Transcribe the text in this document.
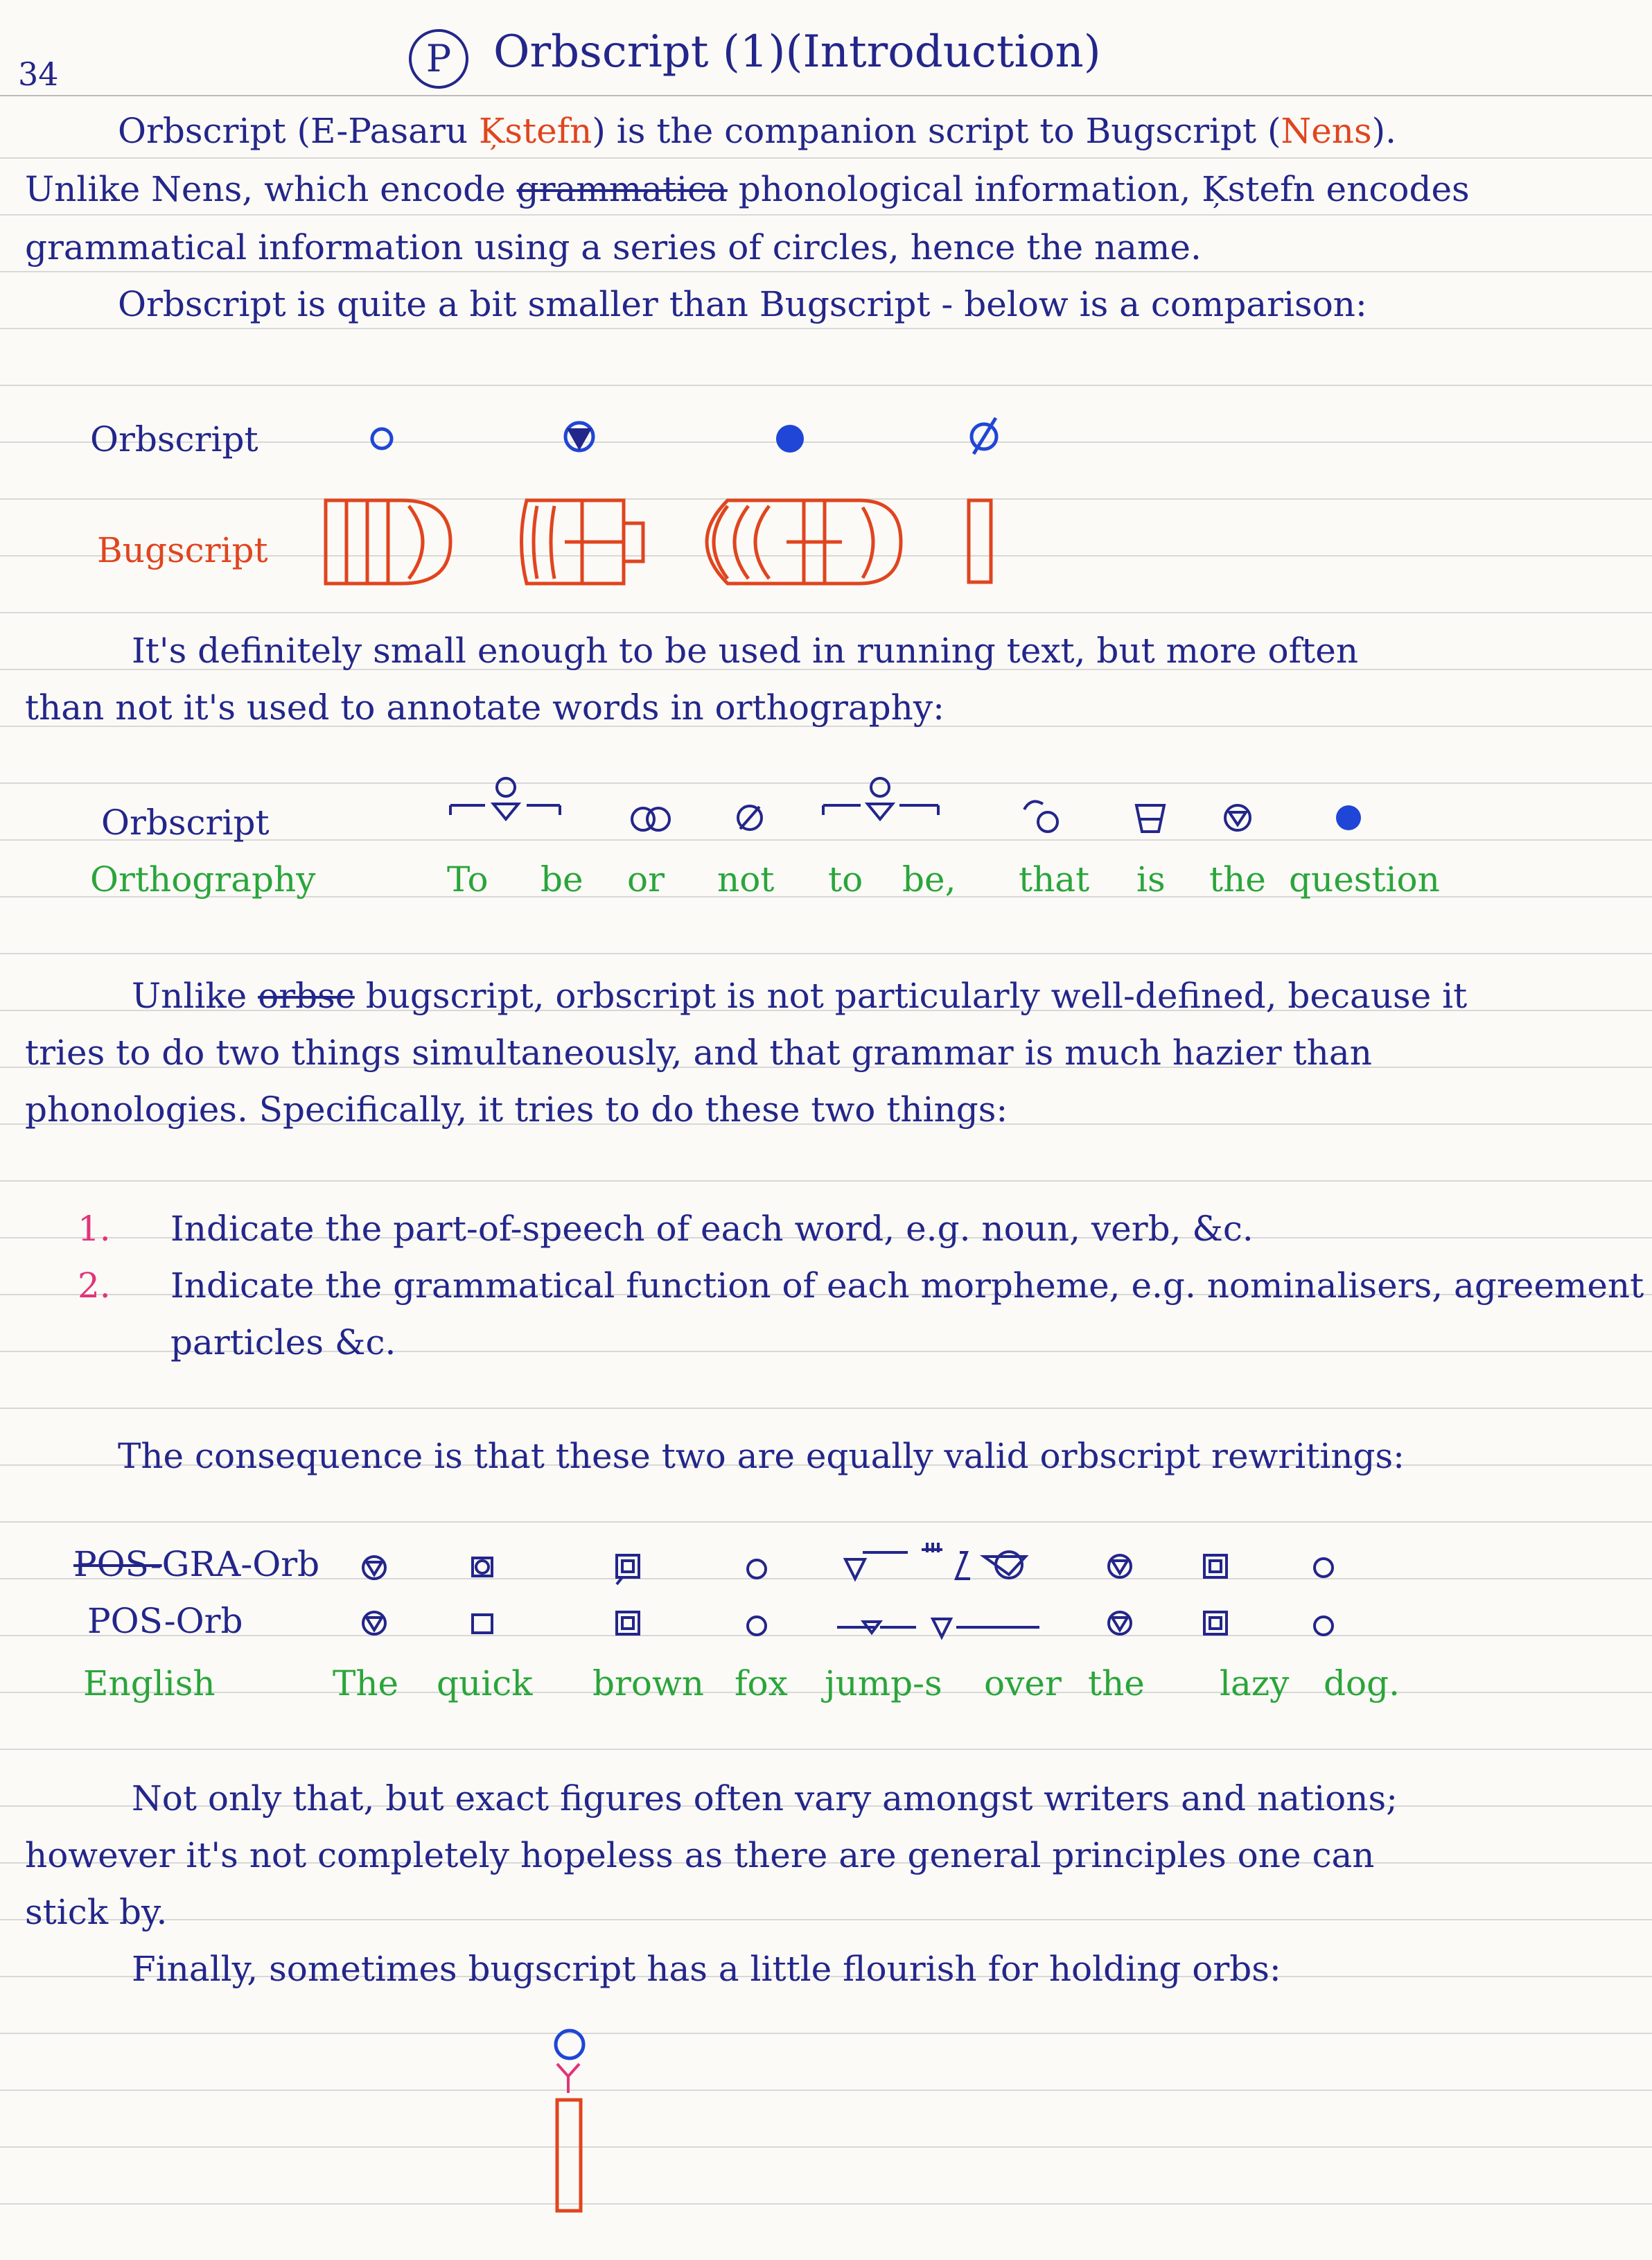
34	P Orbscript (1)(Introduction)
Orbscript (E-Pasaru Ķstefn) is the companion script to Bugscript (Nens).
Unlike Nens, which encode grammatica phonological information, Ķstefn encodes
grammatical information using a series of circles, hence the name.
Orbscript is quite a bit smaller than Bugscript - below is a comparison:
Orbscript
Bugscript
It's definitely small enough to be used in running text, but more often
than not it's used to annotate words in orthography:
Orbscript
Orthography	To be or not to be, that is the question
Unlike orbsc bugscript, orbscript is not particularly well-defined, because it
tries to do two things simultaneously, and that grammar is much hazier than
phonologies. Specifically, it tries to do these two things:
1. Indicate the part-of-speech of each word, e.g. noun, verb, &c.
2. Indicate the grammatical function of each morpheme, e.g. nominalisers, agreement
particles &c.
The consequence is that these two are equally valid orbscript rewritings:
POS-GRA-Orb
POS-Orb
English	The quick brown fox jump-s over the lazy dog.
Not only that, but exact figures often vary amongst writers and nations;
however it's not completely hopeless as there are general principles one can
stick by.
Finally, sometimes bugscript has a little flourish for holding orbs:
